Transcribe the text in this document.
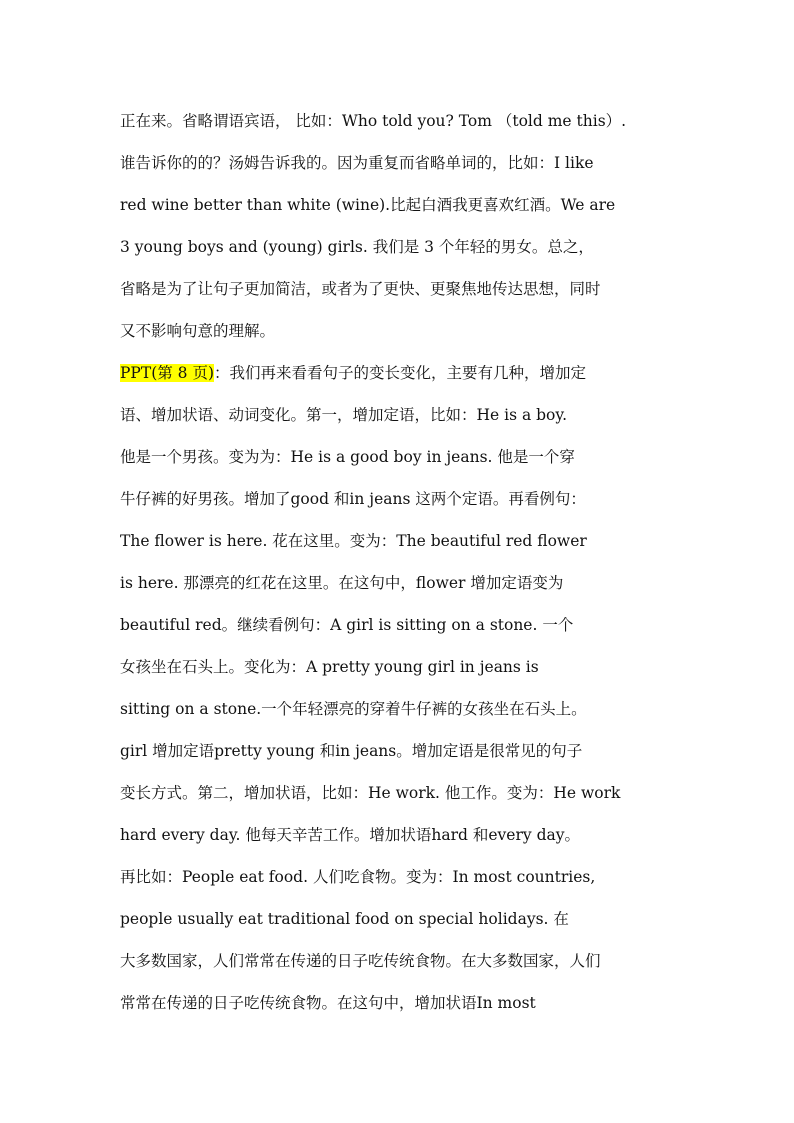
正在来。省略谓语宾语， 比如：Who told you? Tom （told me this）.
谁告诉你的的？汤姆告诉我的。因为重复而省略单词的，比如：I like
red wine better than white (wine).比起白酒我更喜欢红酒。We are
3 young boys and (young) girls. 我们是 3 个年轻的男女。总之，
省略是为了让句子更加简洁，或者为了更快、更聚焦地传达思想，同时
又不影响句意的理解。
PPT(第 8 页)：我们再来看看句子的变长变化，主要有几种，增加定
语、增加状语、动词变化。第一，增加定语，比如：He is a boy.
他是一个男孩。变为为：He is a good boy in jeans. 他是一个穿
牛仔裤的好男孩。增加了good 和in jeans 这两个定语。再看例句：
The flower is here. 花在这里。变为：The beautiful red flower
is here. 那漂亮的红花在这里。在这句中，flower 增加定语变为
beautiful red。继续看例句：A girl is sitting on a stone. 一个
女孩坐在石头上。变化为：A pretty young girl in jeans is
sitting on a stone.一个年轻漂亮的穿着牛仔裤的女孩坐在石头上。
girl 增加定语pretty young 和in jeans。增加定语是很常见的句子
变长方式。第二，增加状语，比如：He work. 他工作。变为：He work
hard every day. 他每天辛苦工作。增加状语hard 和every day。
再比如：People eat food. 人们吃食物。变为：In most countries,
people usually eat traditional food on special holidays. 在
大多数国家，人们常常在传递的日子吃传统食物。在大多数国家，人们
常常在传递的日子吃传统食物。在这句中，增加状语In most
